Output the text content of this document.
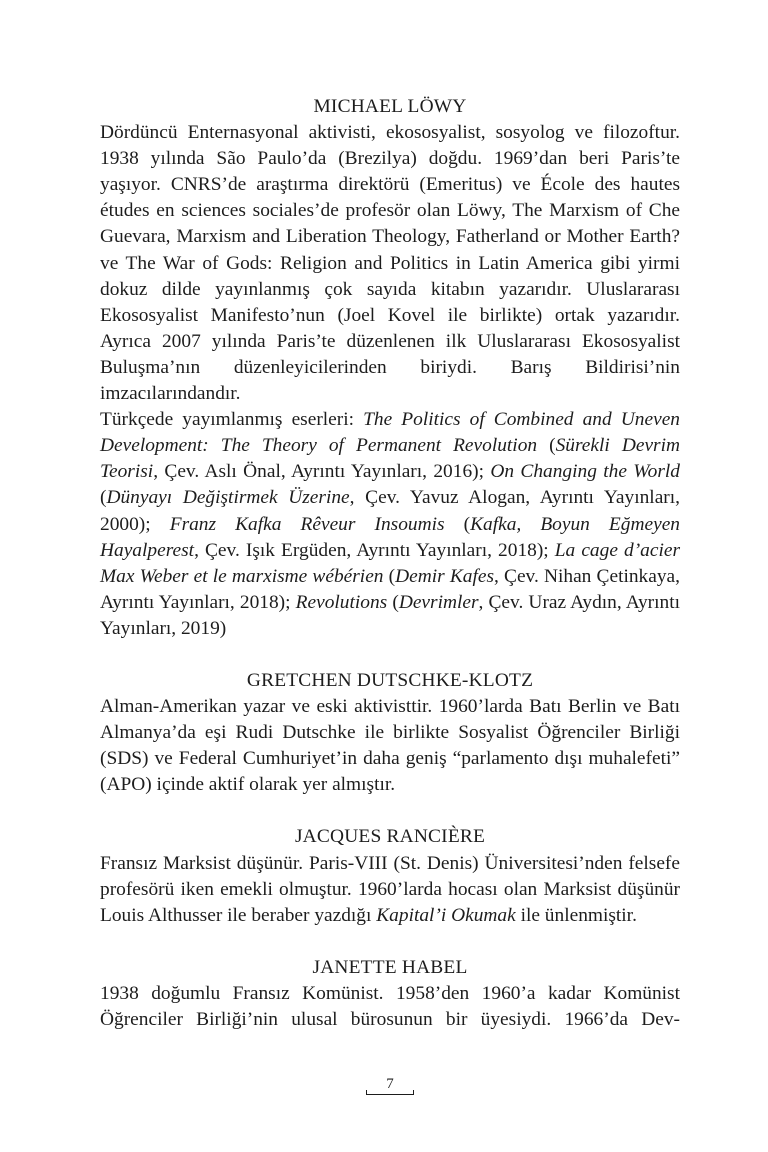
MICHAEL LÖWY

Dördüncü Enternasyonal aktivisti, ekososyalist, sosyolog ve filozoftur. 1938 yılında São Paulo’da (Brezilya) doğdu. 1969’dan beri Paris’te yaşıyor. CNRS’de araştırma direktörü (Emeritus) ve École des hautes études en sciences sociales’de profesör olan Löwy, The Marxism of Che Guevara, Marxism and Liberation Theology, Fatherland or Mother Earth? ve The War of Gods: Religion and Politics in Latin America gibi yirmi dokuz dilde yayınlanmış çok sayıda kitabın yazarıdır. Uluslararası Ekososyalist Manifesto’nun (Joel Kovel ile birlikte) ortak yazarıdır. Ayrıca 2007 yılında Paris’te düzenlenen ilk Uluslararası Ekososyalist Buluşma’nın düzenleyicilerinden biriydi. Barış Bildirisi’nin imzacılarındandır.

Türkçede yayımlanmış eserleri: The Politics of Combined and Uneven Development: The Theory of Permanent Revolution (Sürekli Devrim Teorisi, Çev. Aslı Önal, Ayrıntı Yayınları, 2016); On Changing the World (Dünyayı Değiştirmek Üzerine, Çev. Yavuz Alogan, Ayrıntı Yayınları, 2000); Franz Kafka Rêveur Insoumis (Kafka, Boyun Eğmeyen Hayalperest, Çev. Işık Ergüden, Ayrıntı Yayınları, 2018); La cage d’acier Max Weber et le marxisme wébérien (Demir Kafes, Çev. Nihan Çetinkaya, Ayrıntı Yayınları, 2018); Revolutions (Devrimler, Çev. Uraz Aydın, Ayrıntı Yayınları, 2019)

GRETCHEN DUTSCHKE-KLOTZ

Alman-Amerikan yazar ve eski aktivisttir. 1960’larda Batı Berlin ve Batı Almanya’da eşi Rudi Dutschke ile birlikte Sosyalist Öğrenciler Birliği (SDS) ve Federal Cumhuriyet’in daha geniş “parlamento dışı muhalefeti” (APO) içinde aktif olarak yer almıştır.

JACQUES RANCIÈRE

Fransız Marksist düşünür. Paris-VIII (St. Denis) Üniversitesi’nden felsefe profesörü iken emekli olmuştur. 1960’larda hocası olan Marksist düşünür Louis Althusser ile beraber yazdığı Kapital’i Okumak ile ünlenmiştir.

JANETTE HABEL

1938 doğumlu Fransız Komünist. 1958’den 1960’a kadar Komünist Öğrenciler Birliği’nin ulusal bürosunun bir üyesiydi. 1966’da Dev-

7
